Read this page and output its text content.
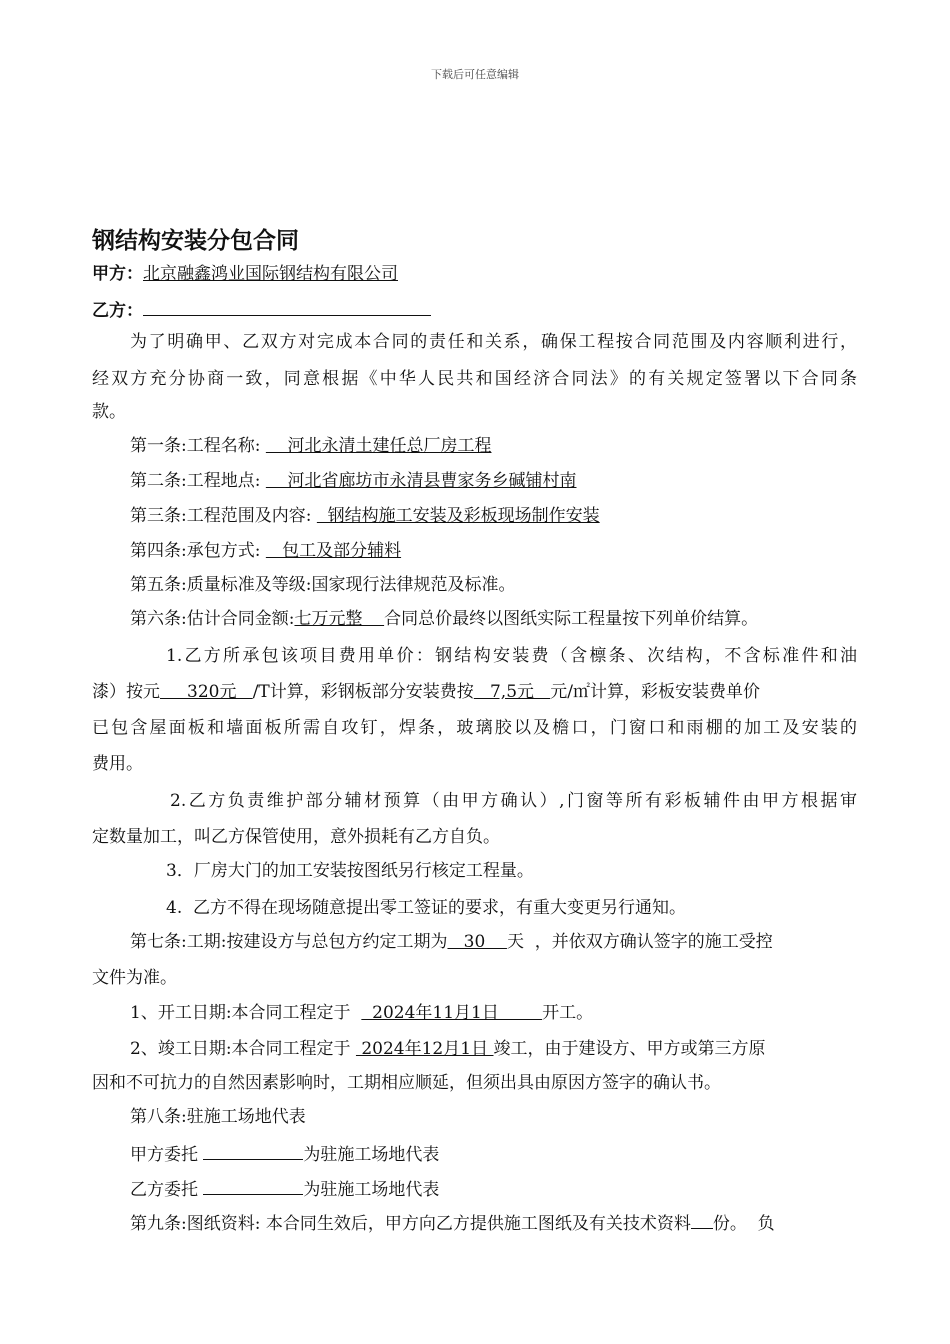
下载后可任意编辑
钢结构安装分包合同
甲方：北京融鑫鸿业国际钢结构有限公司
乙方：
为了明确甲、乙双方对完成本合同的责任和关系，确保工程按合同范围及内容顺利进行，
经双方充分协商一致，同意根据《中华人民共和国经济合同法》的有关规定签署以下合同条
款。
第一条:工程名称:     河北永清土建任总厂房工程
第二条:工程地点:     河北省廊坊市永清县曹家务乡碱铺村南
第三条:工程范围及内容:   钢结构施工安装及彩板现场制作安装
第四条:承包方式:    包工及部分辅料
第五条:质量标准及等级:国家现行法律规范及标准。
第六条:估计合同金额:七万元整    合同总价最终以图纸实际工程量按下列单价结算。
1.乙方所承包该项目费用单价：钢结构安装费（含檩条、次结构，不含标准件和油
漆）按元     320元   /T计算，彩钢板部分安装费按   7,5元   元/㎡计算，彩板安装费单价
已包含屋面板和墙面板所需自攻钉，焊条，玻璃胶以及檐口，门窗口和雨棚的加工及安装的
费用。
2.乙方负责维护部分辅材预算（由甲方确认）,门窗等所有彩板辅件由甲方根据审
定数量加工，叫乙方保管使用，意外损耗有乙方自负。
3．厂房大门的加工安装按图纸另行核定工程量。
4.  乙方不得在现场随意提出零工签证的要求，有重大变更另行通知。
第七条:工期:按建设方与总包方约定工期为   30    天  ，并依双方确认签字的施工受控
文件为准。
1、开工日期:本合同工程定于    2024年11月1日        开工。
2、竣工日期:本合同工程定于  2024年12月1日 竣工，由于建设方、甲方或第三方原
因和不可抗力的自然因素影响时，工期相应顺延，但须出具由原因方签字的确认书。
第八条:驻施工场地代表
甲方委托	为驻施工场地代表
乙方委托	为驻施工场地代表
第九条:图纸资料: 本合同生效后，甲方向乙方提供施工图纸及有关技术资料 份。  负
